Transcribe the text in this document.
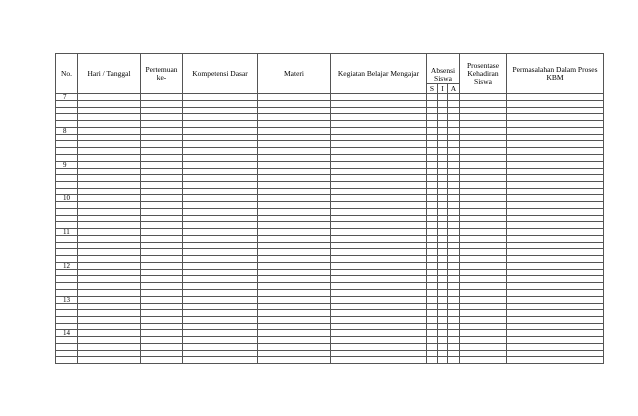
No.	Hari / Tanggal	Pertemuan ke-	Kompetensi Dasar	Materi	Kegiatan Belajar Mengajar	Absensi Siswa			Prosentase Kehadiran Siswa	Permasalahan Dalam Proses KBM
						S	I	A		
7										

8										

9										

10										

11										

12										

13										

14										
